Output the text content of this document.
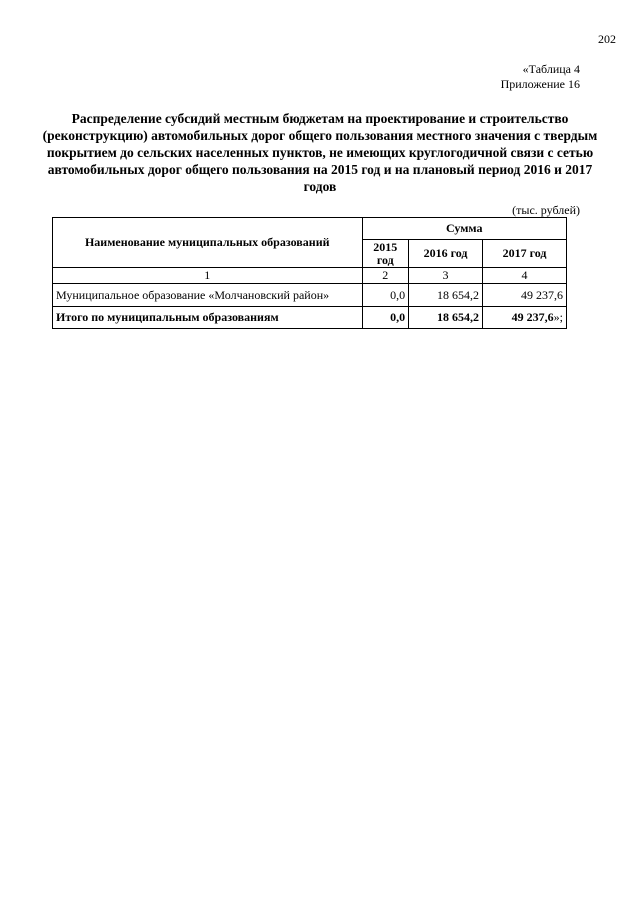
202
«Таблица 4
Приложение 16
Распределение субсидий местным бюджетам на проектирование и строительство (реконструкцию) автомобильных дорог общего пользования местного значения с твердым покрытием до сельских населенных пунктов, не имеющих круглогодичной связи с сетью автомобильных дорог общего пользования на 2015 год и на плановый период 2016 и 2017 годов
(тыс. рублей)
Наименование муниципальных образований	Сумма		
	2015 год	2016 год	2017 год
1	2	3	4
Муниципальное образование «Молчановский район»	0,0	18 654,2	49 237,6
Итого по муниципальным образованиям	0,0	18 654,2	49 237,6»;
